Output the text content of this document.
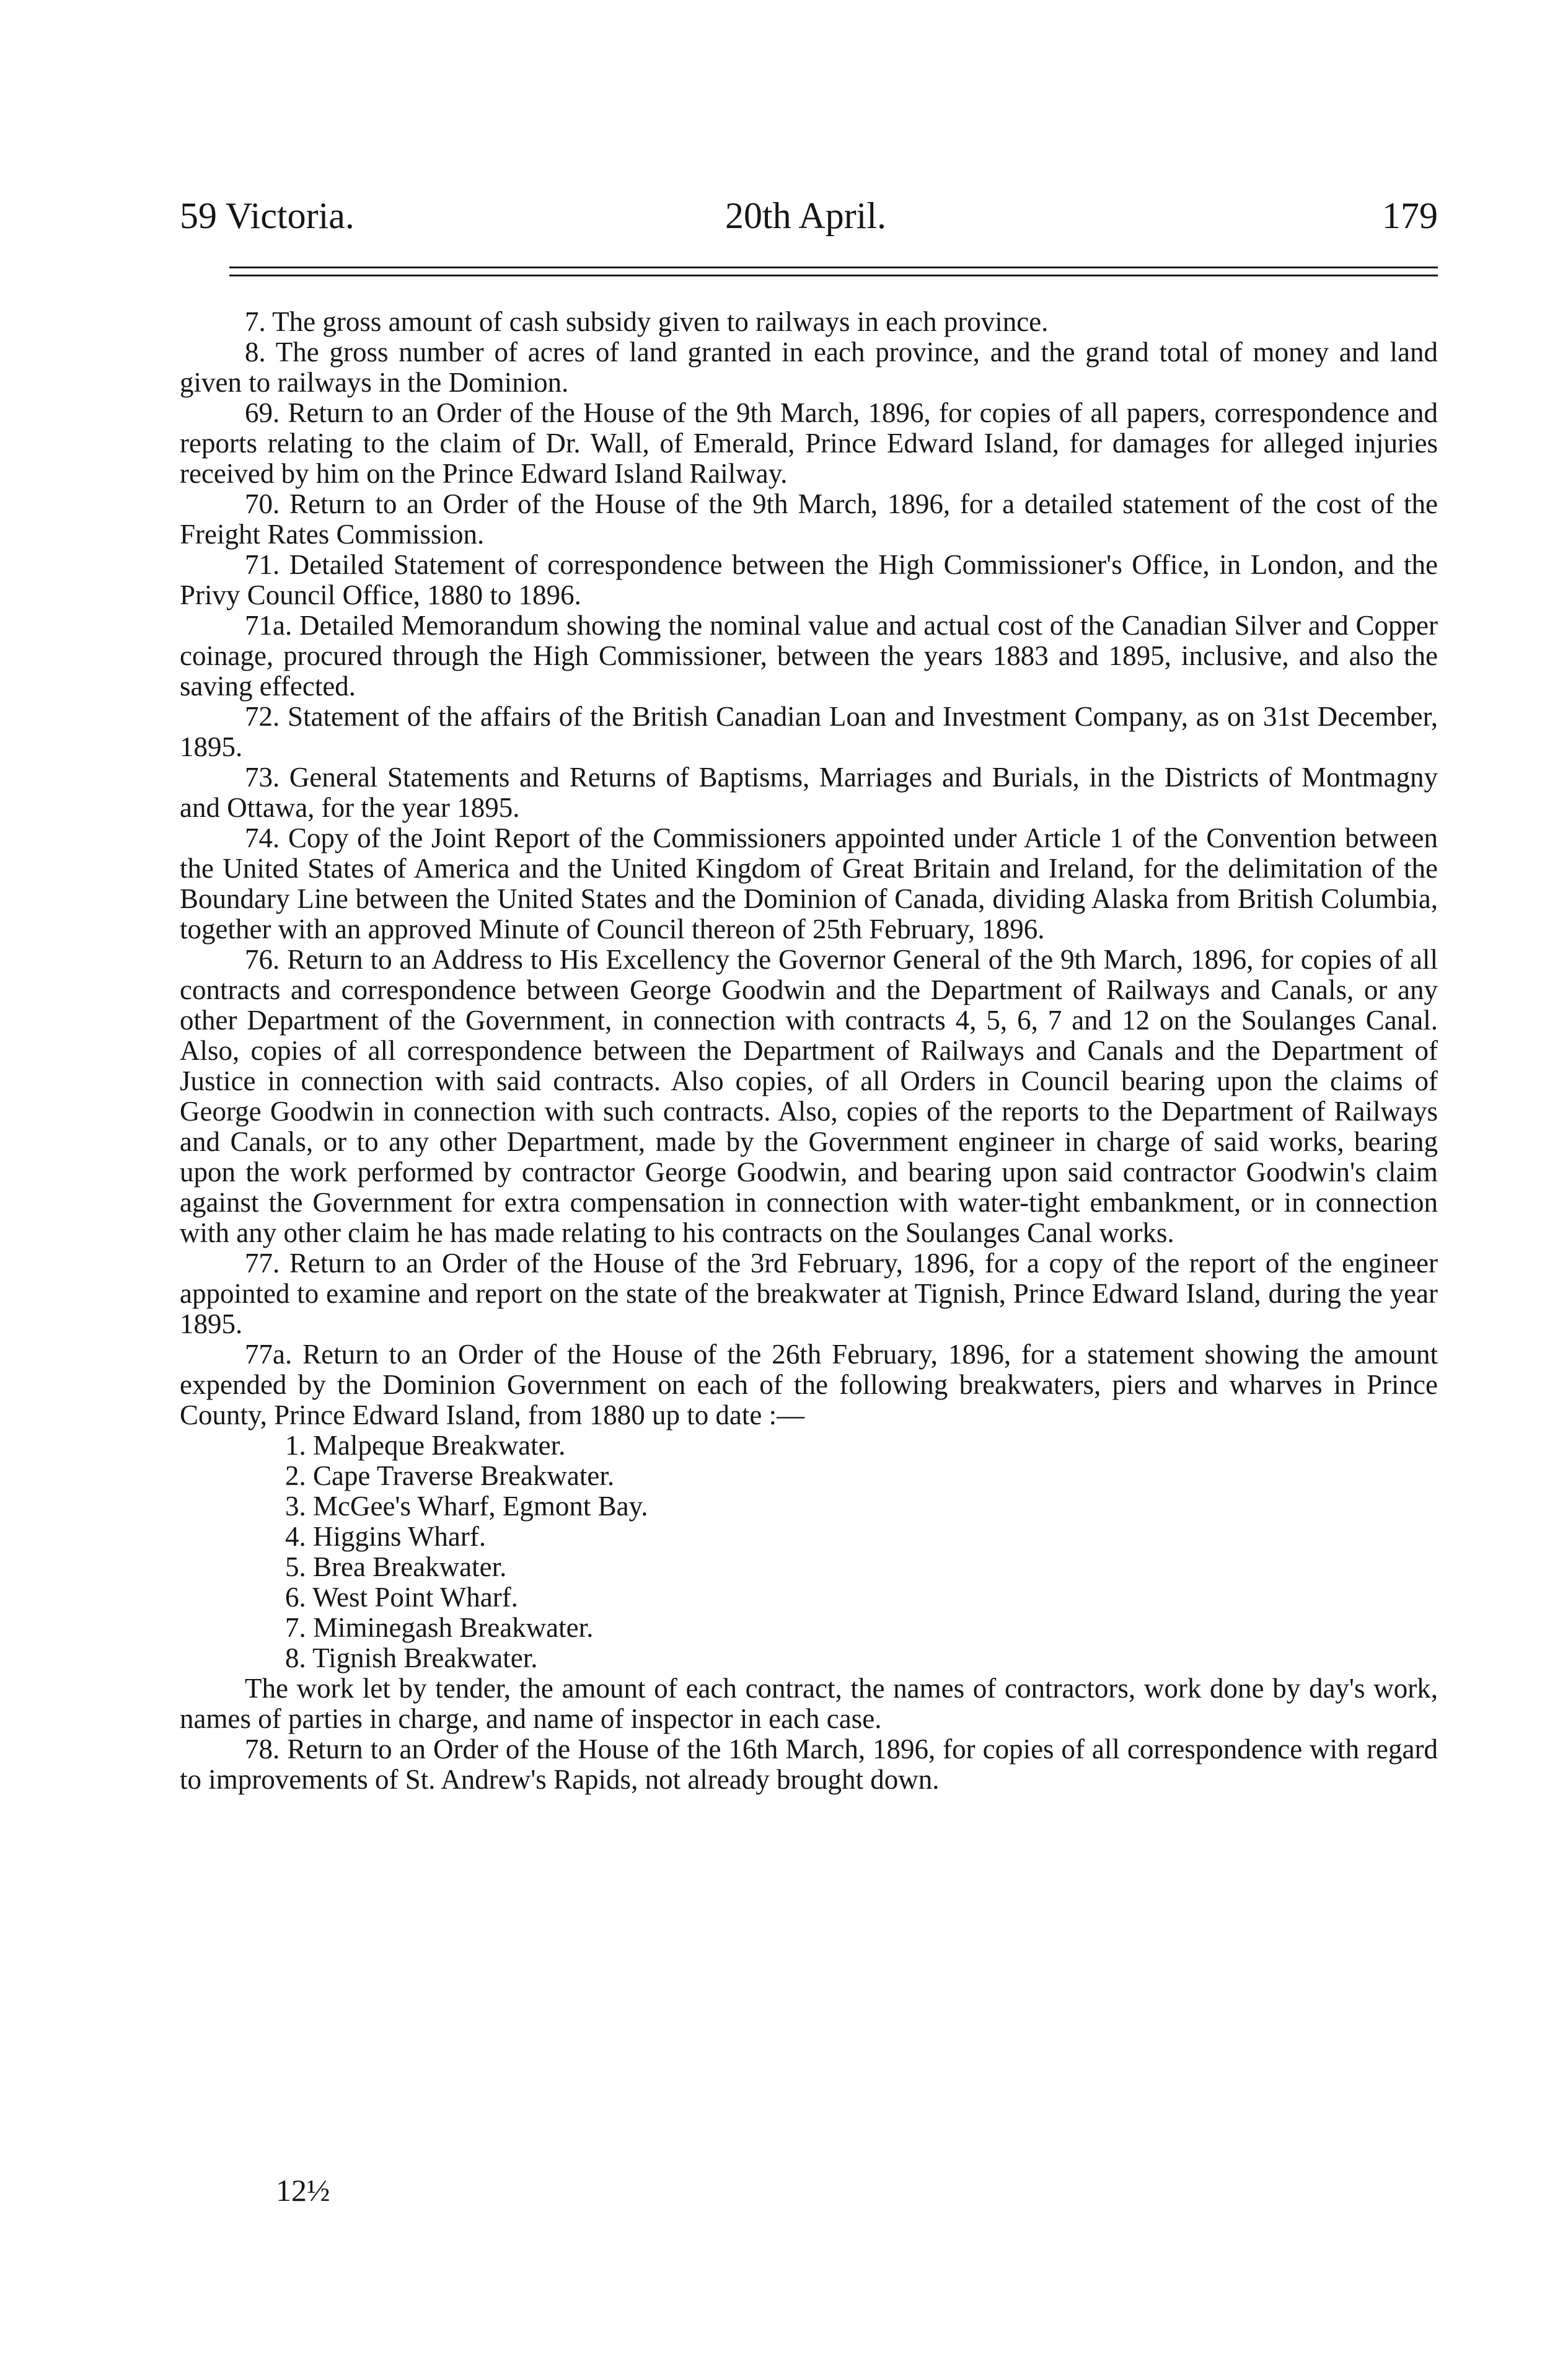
59 Victoria.	20th April.	179

7. The gross amount of cash subsidy given to railways in each province.

8. The gross number of acres of land granted in each province, and the grand total of money and land given to railways in the Dominion.

69. Return to an Order of the House of the 9th March, 1896, for copies of all papers, correspondence and reports relating to the claim of Dr. Wall, of Emerald, Prince Edward Island, for damages for alleged injuries received by him on the Prince Edward Island Railway.

70. Return to an Order of the House of the 9th March, 1896, for a detailed statement of the cost of the Freight Rates Commission.

71. Detailed Statement of correspondence between the High Commissioner's Office, in London, and the Privy Council Office, 1880 to 1896.

71a. Detailed Memorandum showing the nominal value and actual cost of the Canadian Silver and Copper coinage, procured through the High Commissioner, between the years 1883 and 1895, inclusive, and also the saving effected.

72. Statement of the affairs of the British Canadian Loan and Investment Company, as on 31st December, 1895.

73. General Statements and Returns of Baptisms, Marriages and Burials, in the Districts of Montmagny and Ottawa, for the year 1895.

74. Copy of the Joint Report of the Commissioners appointed under Article 1 of the Convention between the United States of America and the United Kingdom of Great Britain and Ireland, for the delimitation of the Boundary Line between the United States and the Dominion of Canada, dividing Alaska from British Columbia, together with an approved Minute of Council thereon of 25th February, 1896.

76. Return to an Address to His Excellency the Governor General of the 9th March, 1896, for copies of all contracts and correspondence between George Goodwin and the Department of Railways and Canals, or any other Department of the Government, in connection with contracts 4, 5, 6, 7 and 12 on the Soulanges Canal. Also, copies of all correspondence between the Department of Railways and Canals and the Department of Justice in connection with said contracts. Also copies, of all Orders in Council bearing upon the claims of George Goodwin in connection with such contracts. Also, copies of the reports to the Department of Railways and Canals, or to any other Department, made by the Government engineer in charge of said works, bearing upon the work performed by contractor George Goodwin, and bearing upon said contractor Goodwin's claim against the Government for extra compensation in connection with water-tight embankment, or in connection with any other claim he has made relating to his contracts on the Soulanges Canal works.

77. Return to an Order of the House of the 3rd February, 1896, for a copy of the report of the engineer appointed to examine and report on the state of the breakwater at Tignish, Prince Edward Island, during the year 1895.

77a. Return to an Order of the House of the 26th February, 1896, for a statement showing the amount expended by the Dominion Government on each of the following breakwaters, piers and wharves in Prince County, Prince Edward Island, from 1880 up to date :—

1. Malpeque Breakwater.

2. Cape Traverse Breakwater.

3. McGee's Wharf, Egmont Bay.

4. Higgins Wharf.

5. Brea Breakwater.

6. West Point Wharf.

7. Miminegash Breakwater.

8. Tignish Breakwater.

The work let by tender, the amount of each contract, the names of contractors, work done by day's work, names of parties in charge, and name of inspector in each case.

78. Return to an Order of the House of the 16th March, 1896, for copies of all correspondence with regard to improvements of St. Andrew's Rapids, not already brought down.

12½
